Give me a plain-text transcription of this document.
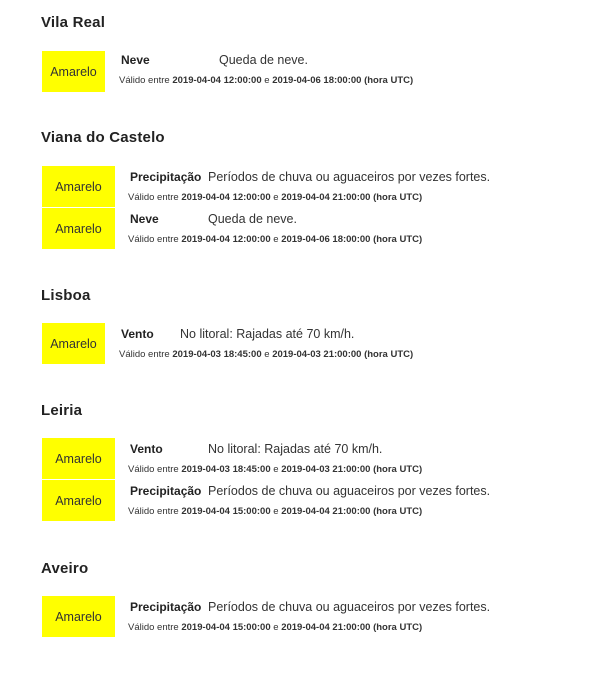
Vila Real
Amarelo
Neve	Queda de neve.
Válido entre 2019-04-04 12:00:00 e 2019-04-06 18:00:00 (hora UTC)
Viana do Castelo
Amarelo
Precipitação Períodos de chuva ou aguaceiros por vezes fortes.
Válido entre 2019-04-04 12:00:00 e 2019-04-04 21:00:00 (hora UTC)
Amarelo
Neve	Queda de neve.
Válido entre 2019-04-04 12:00:00 e 2019-04-06 18:00:00 (hora UTC)
Lisboa
Amarelo
Vento No litoral: Rajadas até 70 km/h.
Válido entre 2019-04-03 18:45:00 e 2019-04-03 21:00:00 (hora UTC)
Leiria
Amarelo
Vento	No litoral: Rajadas até 70 km/h.
Válido entre 2019-04-03 18:45:00 e 2019-04-03 21:00:00 (hora UTC)
Amarelo
Precipitação Períodos de chuva ou aguaceiros por vezes fortes.
Válido entre 2019-04-04 15:00:00 e 2019-04-04 21:00:00 (hora UTC)
Aveiro
Amarelo
Precipitação Períodos de chuva ou aguaceiros por vezes fortes.
Válido entre 2019-04-04 15:00:00 e 2019-04-04 21:00:00 (hora UTC)
